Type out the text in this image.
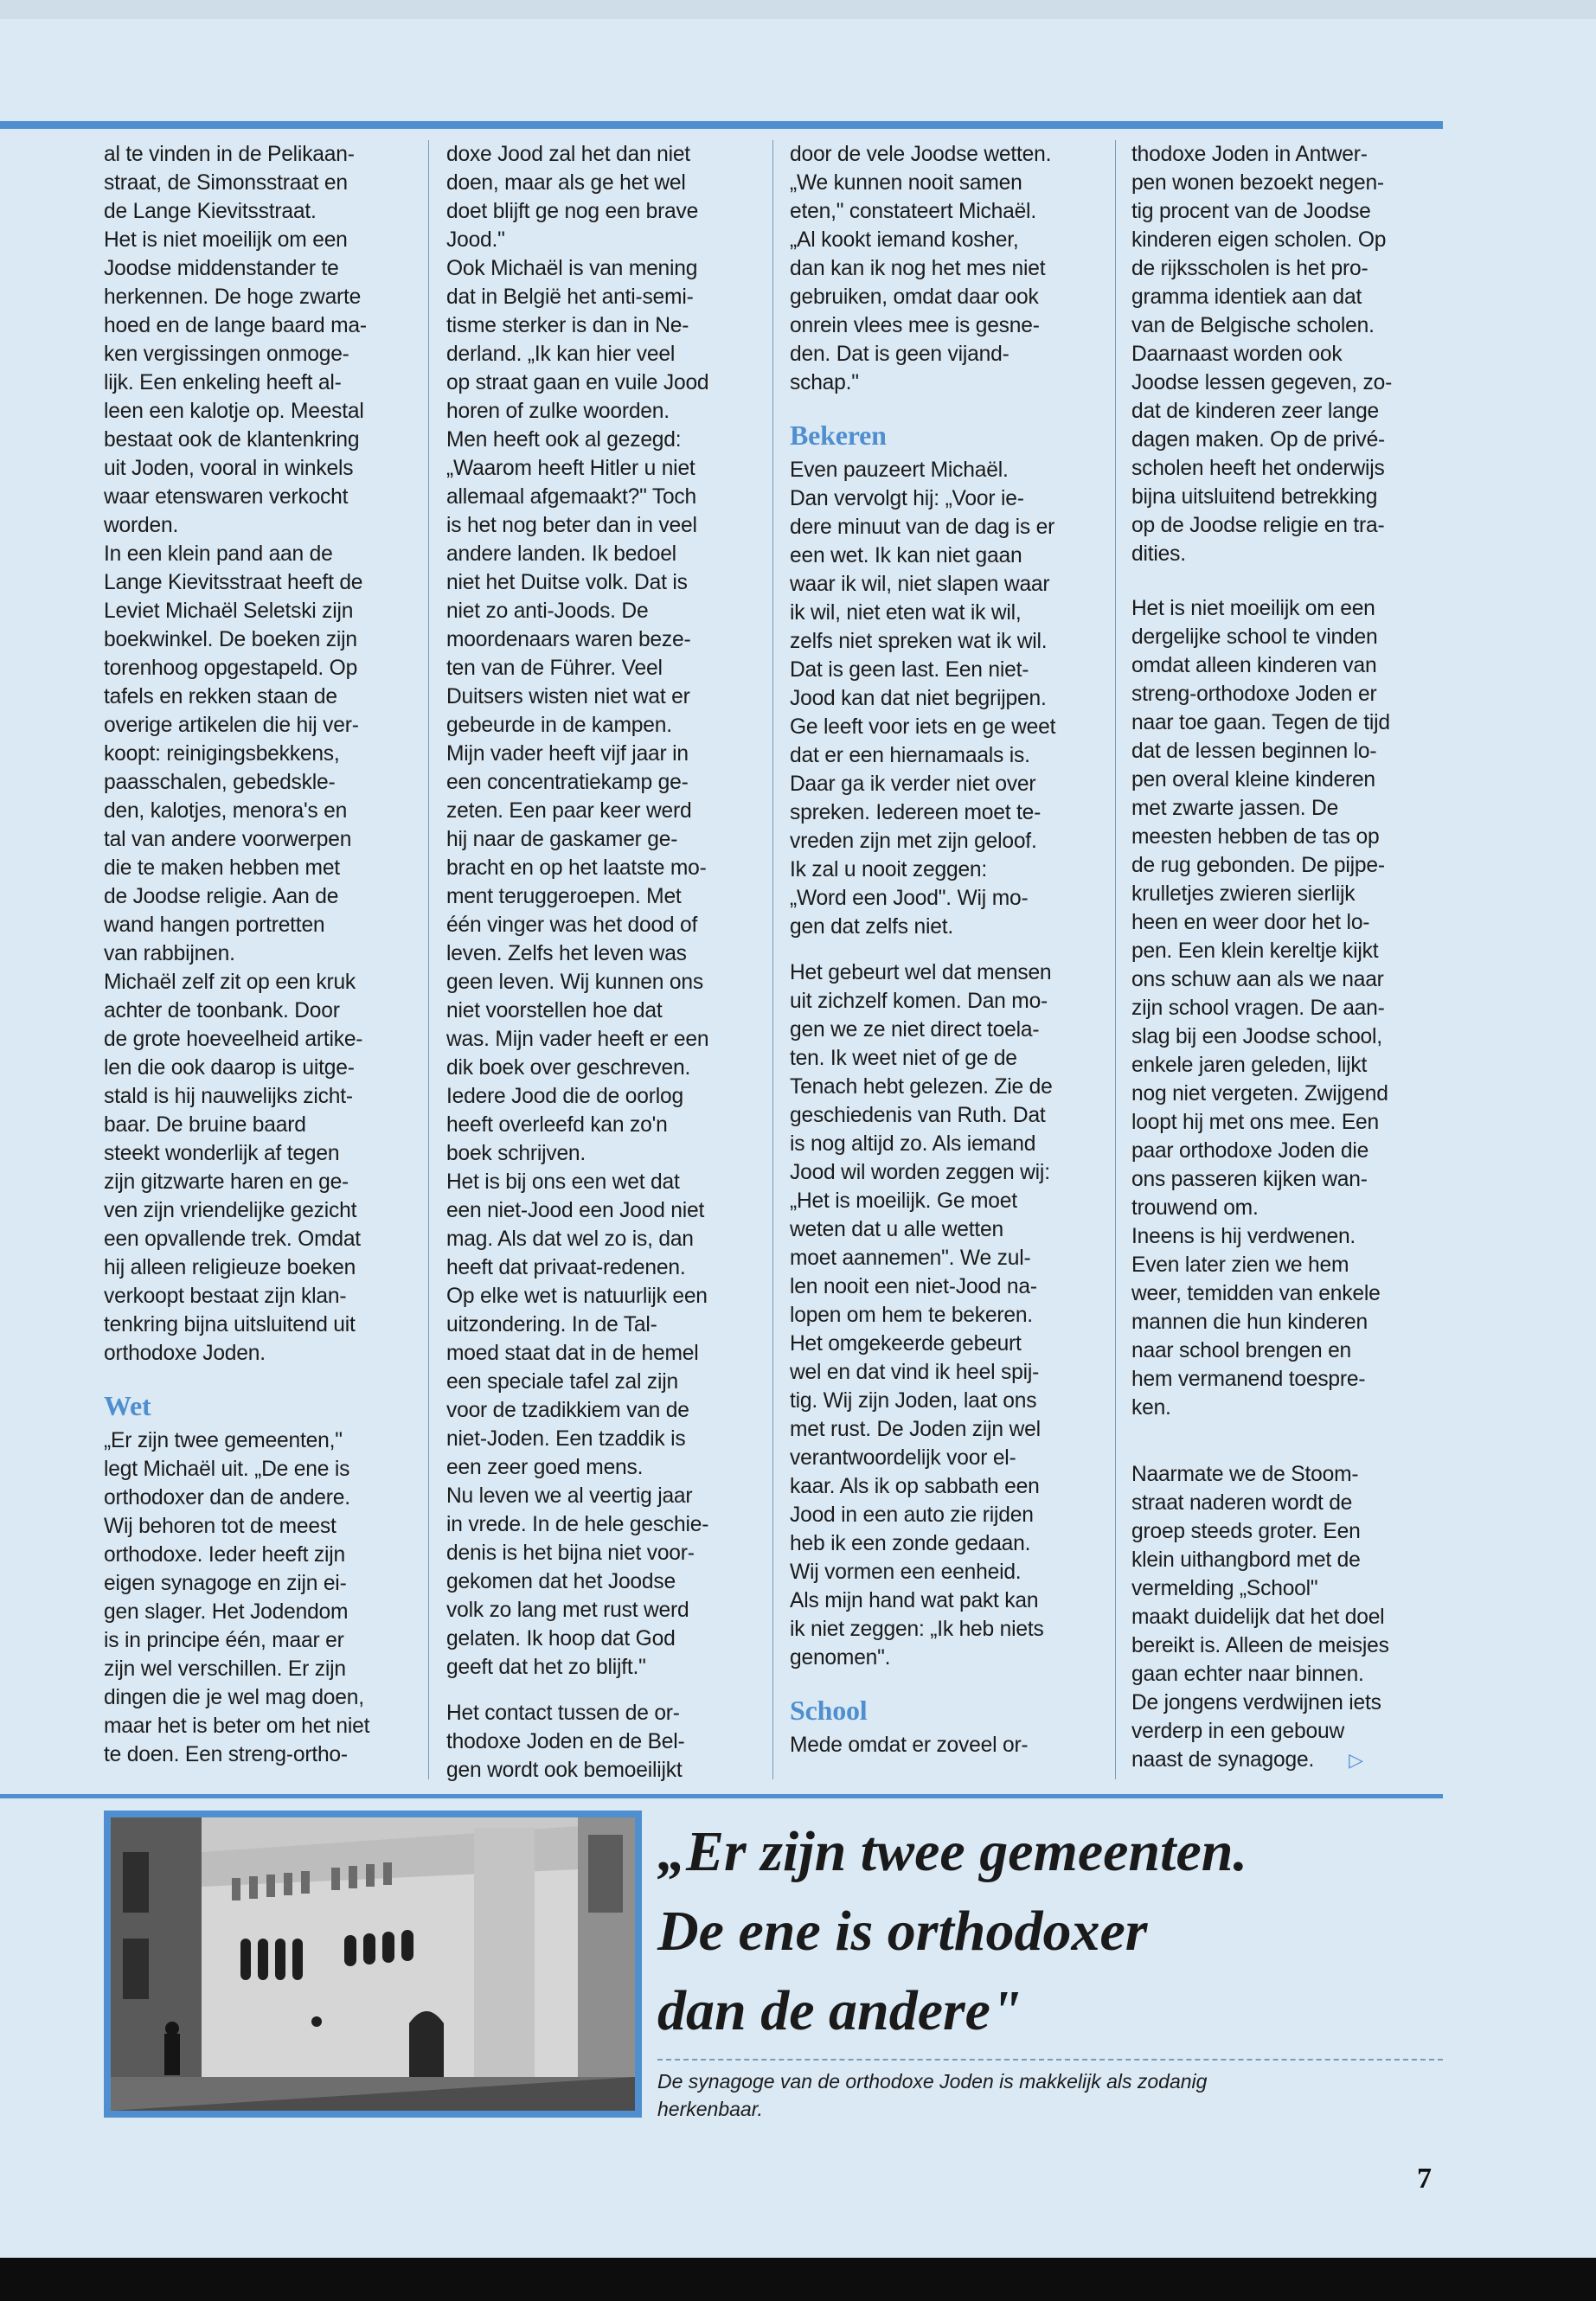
al te vinden in de Pelikaan-
straat, de Simonsstraat en
de Lange Kievitsstraat.
Het is niet moeilijk om een
Joodse middenstander te
herkennen. De hoge zwarte
hoed en de lange baard ma-
ken vergissingen onmoge-
lijk. Een enkeling heeft al-
leen een kalotje op. Meestal
bestaat ook de klantenkring
uit Joden, vooral in winkels
waar etenswaren verkocht
worden.
In een klein pand aan de
Lange Kievitsstraat heeft de
Leviet Michaël Seletski zijn
boekwinkel. De boeken zijn
torenhoog opgestapeld. Op
tafels en rekken staan de
overige artikelen die hij ver-
koopt: reinigingsbekkens,
paasschalen, gebedskle-
den, kalotjes, menora's en
tal van andere voorwerpen
die te maken hebben met
de Joodse religie. Aan de
wand hangen portretten
van rabbijnen.
Michaël zelf zit op een kruk
achter de toonbank. Door
de grote hoeveelheid artike-
len die ook daarop is uitge-
stald is hij nauwelijks zicht-
baar. De bruine baard
steekt wonderlijk af tegen
zijn gitzwarte haren en ge-
ven zijn vriendelijke gezicht
een opvallende trek. Omdat
hij alleen religieuze boeken
verkoopt bestaat zijn klan-
tenkring bijna uitsluitend uit
orthodoxe Joden.
Wet
„Er zijn twee gemeenten,"
legt Michaël uit. „De ene is
orthodoxer dan de andere.
Wij behoren tot de meest
orthodoxe. Ieder heeft zijn
eigen synagoge en zijn ei-
gen slager. Het Jodendom
is in principe één, maar er
zijn wel verschillen. Er zijn
dingen die je wel mag doen,
maar het is beter om het niet
te doen. Een streng-ortho-
doxe Jood zal het dan niet
doen, maar als ge het wel
doet blijft ge nog een brave
Jood."
Ook Michaël is van mening
dat in België het anti-semi-
tisme sterker is dan in Ne-
derland. „Ik kan hier veel
op straat gaan en vuile Jood
horen of zulke woorden.
Men heeft ook al gezegd:
„Waarom heeft Hitler u niet
allemaal afgemaakt?" Toch
is het nog beter dan in veel
andere landen. Ik bedoel
niet het Duitse volk. Dat is
niet zo anti-Joods. De
moordenaars waren beze-
ten van de Führer. Veel
Duitsers wisten niet wat er
gebeurde in de kampen.
Mijn vader heeft vijf jaar in
een concentratiekamp ge-
zeten. Een paar keer werd
hij naar de gaskamer ge-
bracht en op het laatste mo-
ment teruggeroepen. Met
één vinger was het dood of
leven. Zelfs het leven was
geen leven. Wij kunnen ons
niet voorstellen hoe dat
was. Mijn vader heeft er een
dik boek over geschreven.
Iedere Jood die de oorlog
heeft overleefd kan zo'n
boek schrijven.
Het is bij ons een wet dat
een niet-Jood een Jood niet
mag. Als dat wel zo is, dan
heeft dat privaat-redenen.
Op elke wet is natuurlijk een
uitzondering. In de Tal-
moed staat dat in de hemel
een speciale tafel zal zijn
voor de tzadikkiem van de
niet-Joden. Een tzaddik is
een zeer goed mens.
Nu leven we al veertig jaar
in vrede. In de hele geschie-
denis is het bijna niet voor-
gekomen dat het Joodse
volk zo lang met rust werd
gelaten. Ik hoop dat God
geeft dat het zo blijft."
Het contact tussen de or-
thodoxe Joden en de Bel-
gen wordt ook bemoeilijkt
door de vele Joodse wetten.
„We kunnen nooit samen
eten," constateert Michaël.
„Al kookt iemand kosher,
dan kan ik nog het mes niet
gebruiken, omdat daar ook
onrein vlees mee is gesne-
den. Dat is geen vijand-
schap."
Bekeren
Even pauzeert Michaël.
Dan vervolgt hij: „Voor ie-
dere minuut van de dag is er
een wet. Ik kan niet gaan
waar ik wil, niet slapen waar
ik wil, niet eten wat ik wil,
zelfs niet spreken wat ik wil.
Dat is geen last. Een niet-
Jood kan dat niet begrijpen.
Ge leeft voor iets en ge weet
dat er een hiernamaals is.
Daar ga ik verder niet over
spreken. Iedereen moet te-
vreden zijn met zijn geloof.
Ik zal u nooit zeggen:
„Word een Jood". Wij mo-
gen dat zelfs niet.
Het gebeurt wel dat mensen
uit zichzelf komen. Dan mo-
gen we ze niet direct toela-
ten. Ik weet niet of ge de
Tenach hebt gelezen. Zie de
geschiedenis van Ruth. Dat
is nog altijd zo. Als iemand
Jood wil worden zeggen wij:
„Het is moeilijk. Ge moet
weten dat u alle wetten
moet aannemen". We zul-
len nooit een niet-Jood na-
lopen om hem te bekeren.
Het omgekeerde gebeurt
wel en dat vind ik heel spij-
tig. Wij zijn Joden, laat ons
met rust. De Joden zijn wel
verantwoordelijk voor el-
kaar. Als ik op sabbath een
Jood in een auto zie rijden
heb ik een zonde gedaan.
Wij vormen een eenheid.
Als mijn hand wat pakt kan
ik niet zeggen: „Ik heb niets
genomen".
School
Mede omdat er zoveel or-
thodoxe Joden in Antwer-
pen wonen bezoekt negen-
tig procent van de Joodse
kinderen eigen scholen. Op
de rijksscholen is het pro-
gramma identiek aan dat
van de Belgische scholen.
Daarnaast worden ook
Joodse lessen gegeven, zo-
dat de kinderen zeer lange
dagen maken. Op de privé-
scholen heeft het onderwijs
bijna uitsluitend betrekking
op de Joodse religie en tra-
dities.
Het is niet moeilijk om een
dergelijke school te vinden
omdat alleen kinderen van
streng-orthodoxe Joden er
naar toe gaan. Tegen de tijd
dat de lessen beginnen lo-
pen overal kleine kinderen
met zwarte jassen. De
meesten hebben de tas op
de rug gebonden. De pijpe-
krulletjes zwieren sierlijk
heen en weer door het lo-
pen. Een klein kereltje kijkt
ons schuw aan als we naar
zijn school vragen. De aan-
slag bij een Joodse school,
enkele jaren geleden, lijkt
nog niet vergeten. Zwijgend
loopt hij met ons mee. Een
paar orthodoxe Joden die
ons passeren kijken wan-
trouwend om.
Ineens is hij verdwenen.
Even later zien we hem
weer, temidden van enkele
mannen die hun kinderen
naar school brengen en
hem vermanend toespre-
ken.
Naarmate we de Stoom-
straat naderen wordt de
groep steeds groter. Een
klein uithangbord met de
vermelding „School"
maakt duidelijk dat het doel
bereikt is. Alleen de meisjes
gaan echter naar binnen.
De jongens verdwijnen iets
verderp in een gebouw
naast de synagoge. ▷
„Er zijn twee gemeenten.
De ene is orthodoxer
dan de andere"
De synagoge van de orthodoxe Joden is makkelijk als zodanig
herkenbaar.
7
